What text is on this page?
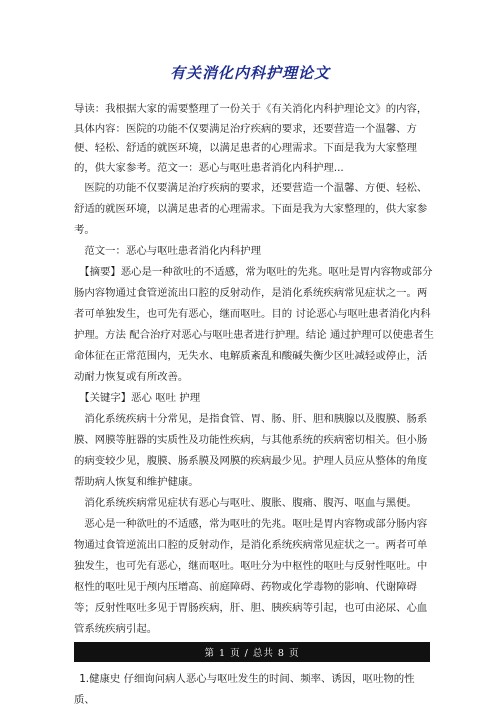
有关消化内科护理论文

导读：我根据大家的需要整理了一份关于《有关消化内科护理论文》的内容，具体内容：医院的功能不仅要满足治疗疾病的要求，还要营造一个温馨、方便、轻松、舒适的就医环境，以满足患者的心理需求。下面是我为大家整理的，供大家参考。范文一：恶心与呕吐患者消化内科护理...

医院的功能不仅要满足治疗疾病的要求，还要营造一个温馨、方便、轻松、舒适的就医环境，以满足患者的心理需求。下面是我为大家整理的，供大家参考。

范文一：恶心与呕吐患者消化内科护理

【摘要】恶心是一种欲吐的不适感，常为呕吐的先兆。呕吐是胃内容物或部分肠内容物通过食管逆流出口腔的反射动作，是消化系统疾病常见症状之一。两者可单独发生，也可先有恶心，继而呕吐。目的 讨论恶心与呕吐患者消化内科护理。方法 配合治疗对恶心与呕吐患者进行护理。结论 通过护理可以使患者生命体征在正常范围内，无失水、电解质紊乱和酸碱失衡少区吐减轻或停止，活动耐力恢复或有所改善。

【关键字】恶心 呕吐 护理

消化系统疾病十分常见，是指食管、胃、肠、肝、胆和胰腺以及腹膜、肠系膜、网膜等脏器的实质性及功能性疾病，与其他系统的疾病密切相关。但小肠的病变较少见，腹膜、肠系膜及网膜的疾病最少见。护理人员应从整体的角度帮助病人恢复和维护健康。

消化系统疾病常见症状有恶心与呕吐、腹胀、腹痛、腹泻、呕血与黑便。

恶心是一种欲吐的不适感，常为呕吐的先兆。呕吐是胃内容物或部分肠内容物通过食管逆流出口腔的反射动作，是消化系统疾病常见症状之一。两者可单独发生，也可先有恶心，继而呕吐。呕吐分为中枢性的呕吐与反射性呕吐。中枢性的呕吐见于颅内压增高、前庭障碍、药物或化学毒物的影响、代谢障碍等；反射性呕吐多见于胃肠疾病，肝、胆、胰疾病等引起，也可由泌尿、心血管系统疾病引起。

1.健康史 仔细询问病人恶心与呕吐发生的时间、频率、诱因，呕吐物的性质、

第 1 页 / 总共 8 页
